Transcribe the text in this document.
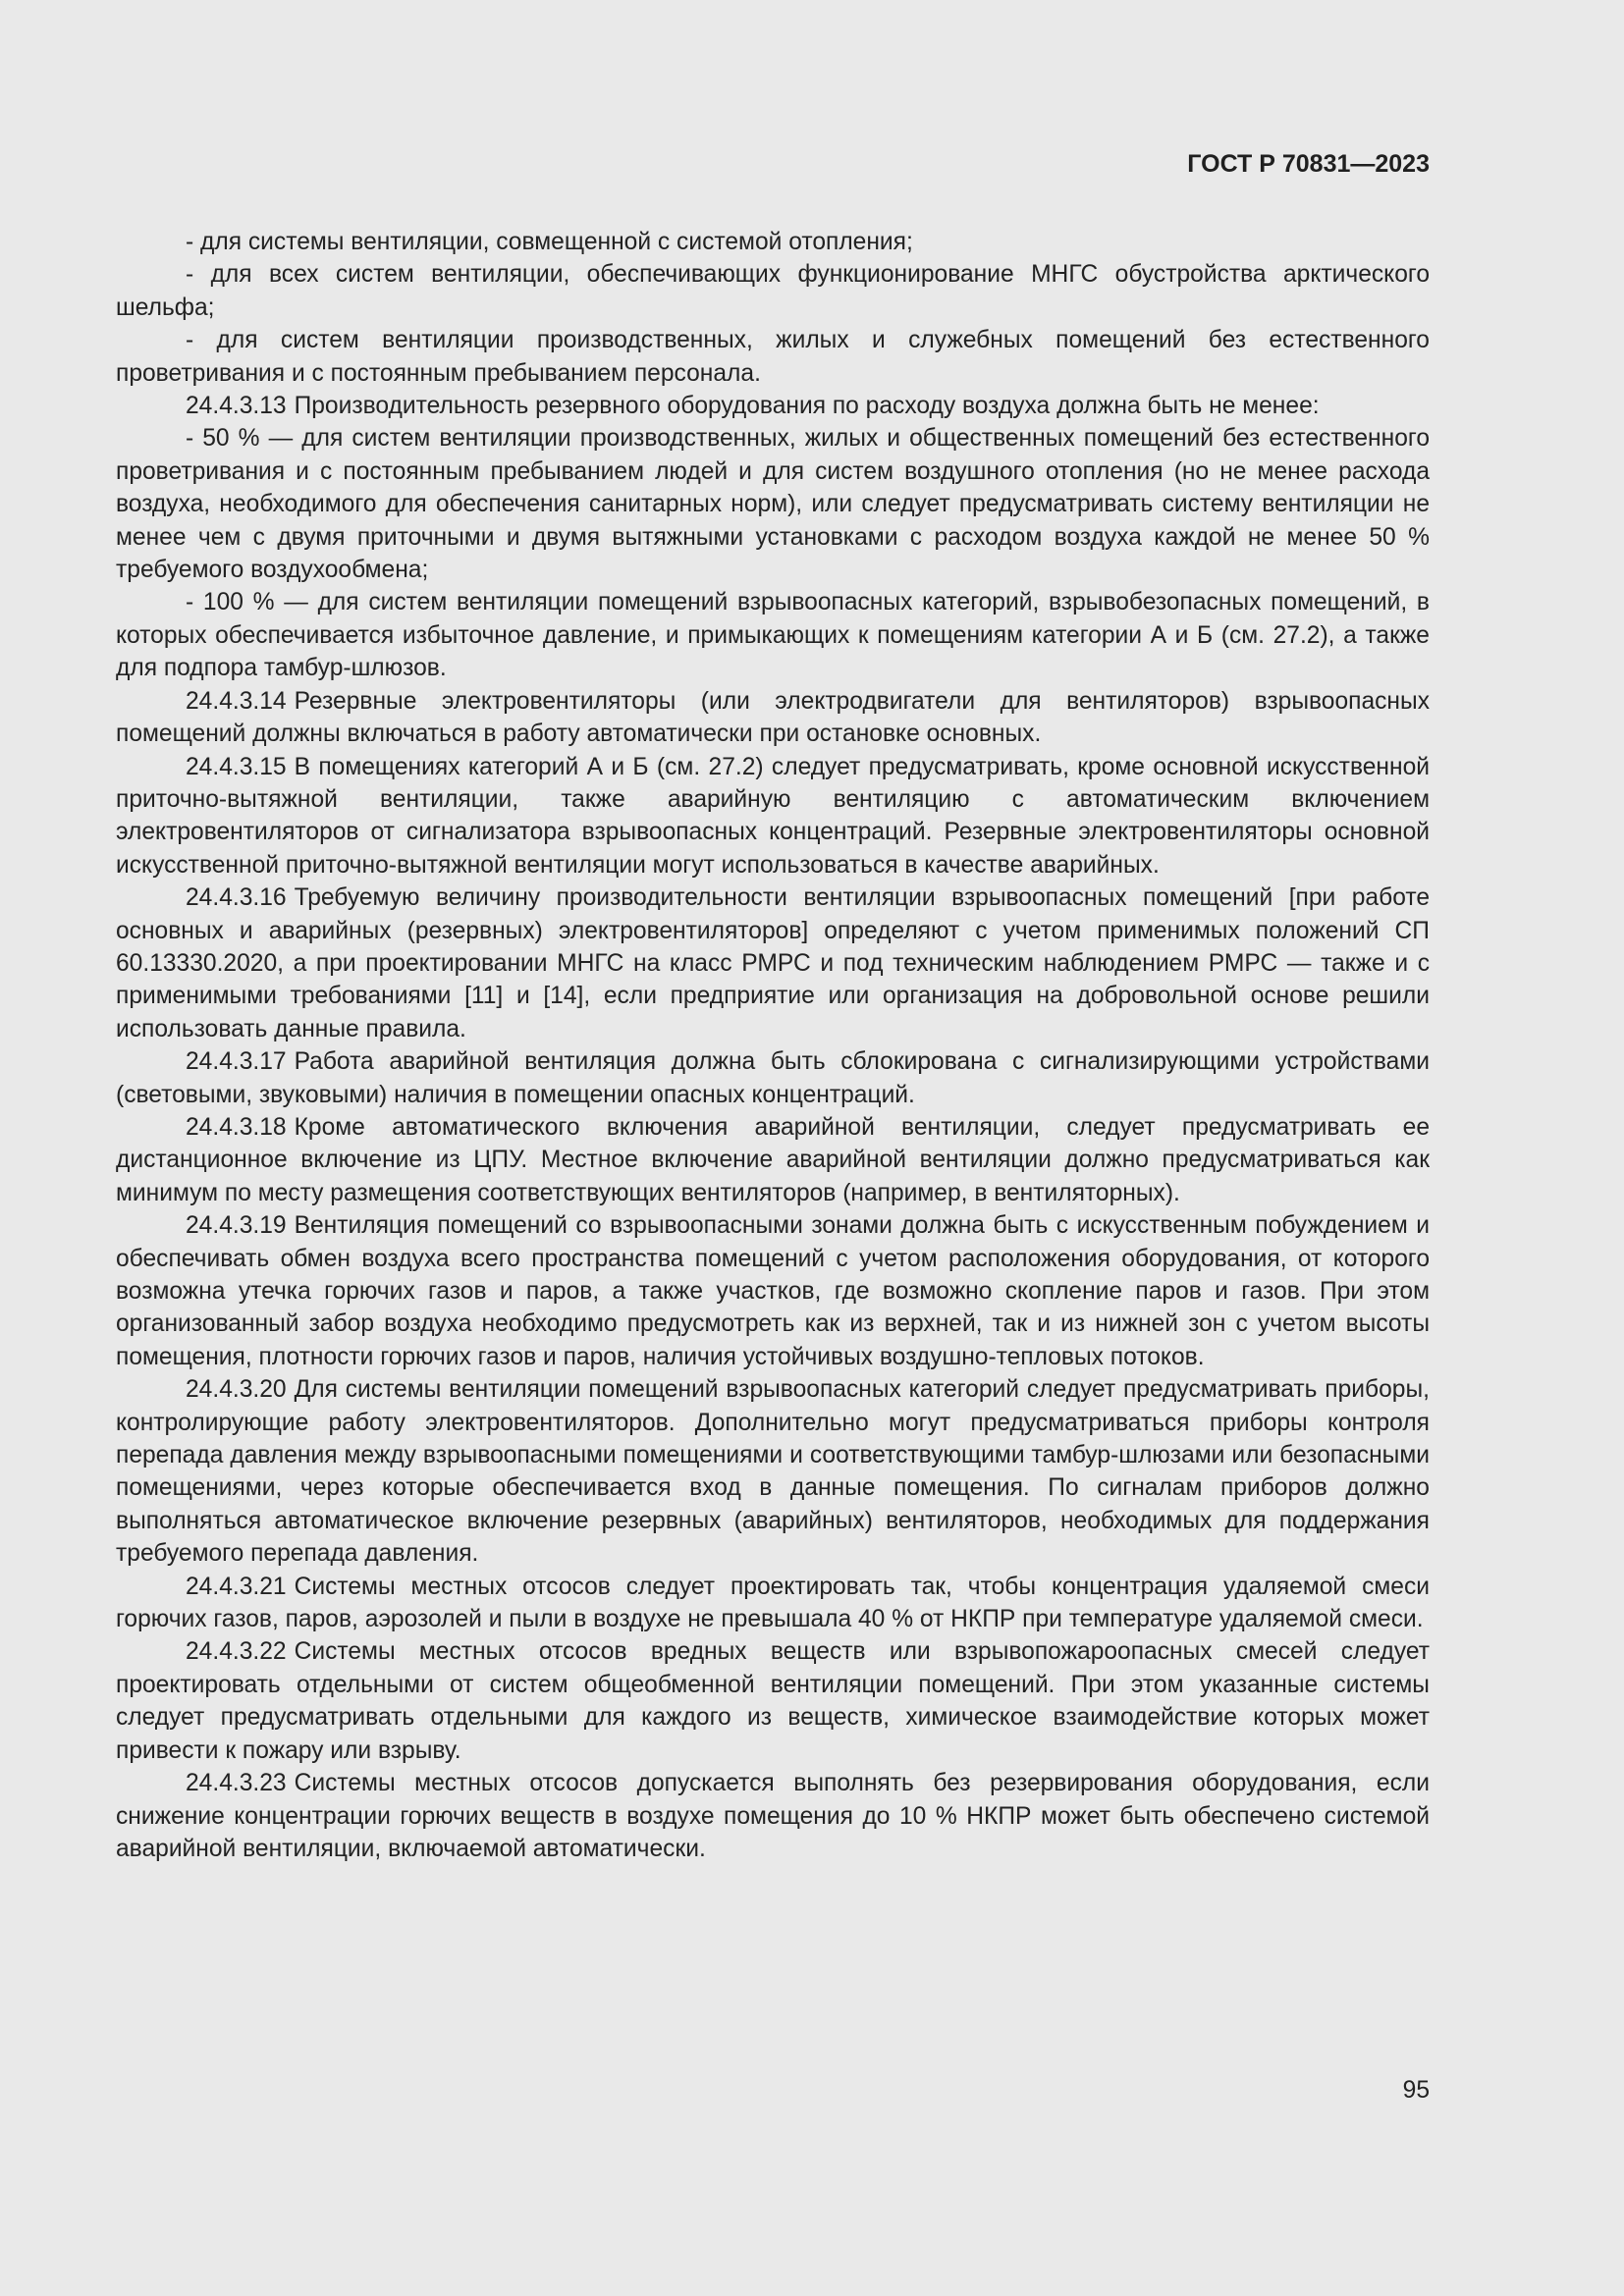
ГОСТ Р 70831—2023

- для системы вентиляции, совмещенной с системой отопления;

- для всех систем вентиляции, обеспечивающих функционирование МНГС обустройства арктического шельфа;

- для систем вентиляции производственных, жилых и служебных помещений без естественного проветривания и с постоянным пребыванием персонала.

24.4.3.13 Производительность резервного оборудования по расходу воздуха должна быть не менее:

- 50 % — для систем вентиляции производственных, жилых и общественных помещений без естественного проветривания и с постоянным пребыванием людей и для систем воздушного отопления (но не менее расхода воздуха, необходимого для обеспечения санитарных норм), или следует предусматривать систему вентиляции не менее чем с двумя приточными и двумя вытяжными установками с расходом воздуха каждой не менее 50 % требуемого воздухообмена;

- 100 % — для систем вентиляции помещений взрывоопасных категорий, взрывобезопасных помещений, в которых обеспечивается избыточное давление, и примыкающих к помещениям категории А и Б (см. 27.2), а также для подпора тамбур-шлюзов.

24.4.3.14 Резервные электровентиляторы (или электродвигатели для вентиляторов) взрывоопасных помещений должны включаться в работу автоматически при остановке основных.

24.4.3.15 В помещениях категорий А и Б (см. 27.2) следует предусматривать, кроме основной искусственной приточно-вытяжной вентиляции, также аварийную вентиляцию с автоматическим включением электровентиляторов от сигнализатора взрывоопасных концентраций. Резервные электровентиляторы основной искусственной приточно-вытяжной вентиляции могут использоваться в качестве аварийных.

24.4.3.16 Требуемую величину производительности вентиляции взрывоопасных помещений [при работе основных и аварийных (резервных) электровентиляторов] определяют с учетом применимых положений СП 60.13330.2020, а при проектировании МНГС на класс РМРС и под техническим наблюдением РМРС — также и с применимыми требованиями [11] и [14], если предприятие или организация на добровольной основе решили использовать данные правила.

24.4.3.17 Работа аварийной вентиляция должна быть сблокирована с сигнализирующими устройствами (световыми, звуковыми) наличия в помещении опасных концентраций.

24.4.3.18 Кроме автоматического включения аварийной вентиляции, следует предусматривать ее дистанционное включение из ЦПУ. Местное включение аварийной вентиляции должно предусматриваться как минимум по месту размещения соответствующих вентиляторов (например, в вентиляторных).

24.4.3.19 Вентиляция помещений со взрывоопасными зонами должна быть с искусственным побуждением и обеспечивать обмен воздуха всего пространства помещений с учетом расположения оборудования, от которого возможна утечка горючих газов и паров, а также участков, где возможно скопление паров и газов. При этом организованный забор воздуха необходимо предусмотреть как из верхней, так и из нижней зон с учетом высоты помещения, плотности горючих газов и паров, наличия устойчивых воздушно-тепловых потоков.

24.4.3.20 Для системы вентиляции помещений взрывоопасных категорий следует предусматривать приборы, контролирующие работу электровентиляторов. Дополнительно могут предусматриваться приборы контроля перепада давления между взрывоопасными помещениями и соответствующими тамбур-шлюзами или безопасными помещениями, через которые обеспечивается вход в данные помещения. По сигналам приборов должно выполняться автоматическое включение резервных (аварийных) вентиляторов, необходимых для поддержания требуемого перепада давления.

24.4.3.21 Системы местных отсосов следует проектировать так, чтобы концентрация удаляемой смеси горючих газов, паров, аэрозолей и пыли в воздухе не превышала 40 % от НКПР при температуре удаляемой смеси.

24.4.3.22 Системы местных отсосов вредных веществ или взрывопожароопасных смесей следует проектировать отдельными от систем общеобменной вентиляции помещений. При этом указанные системы следует предусматривать отдельными для каждого из веществ, химическое взаимодействие которых может привести к пожару или взрыву.

24.4.3.23 Системы местных отсосов допускается выполнять без резервирования оборудования, если снижение концентрации горючих веществ в воздухе помещения до 10 % НКПР может быть обеспечено системой аварийной вентиляции, включаемой автоматически.

95
